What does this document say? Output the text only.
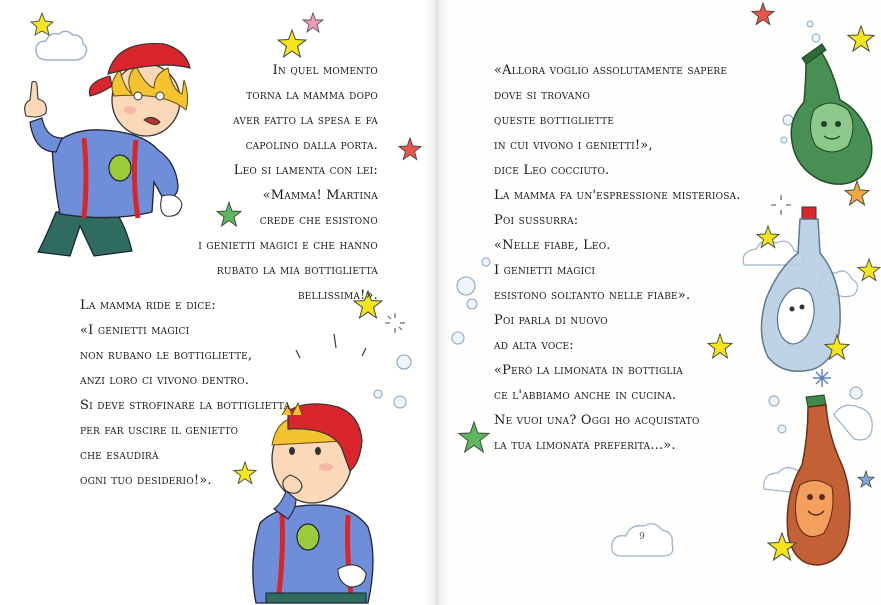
In quel momento
torna la mamma dopo
aver fatto la spesa e fa
capolino dalla porta.
Leo si lamenta con lei:
«Mamma! Martina
crede che esistono
i genietti magici e che hanno
rubato la mia bottiglietta
bellissima!».
La mamma ride e dice:
«I genietti magici
non rubano le bottigliette,
anzi loro ci vivono dentro.
Si deve strofinare la bottiglietta
per far uscire il genietto
che esaudirà
ogni tuo desiderio!».
«Allora voglio assolutamente sapere
dove si trovano
queste bottigliette
in cui vivono i genietti!»,
dice Leo cocciuto.
La mamma fa un'espressione misteriosa.
Poi sussurra:
«Nelle fiabe, Leo.
I genietti magici
esistono soltanto nelle fiabe».
Poi parla di nuovo
ad alta voce:
«Però la limonata in bottiglia
ce l'abbiamo anche in cucina.
Ne vuoi una? Oggi ho acquistato
la tua limonata preferita...».
9
